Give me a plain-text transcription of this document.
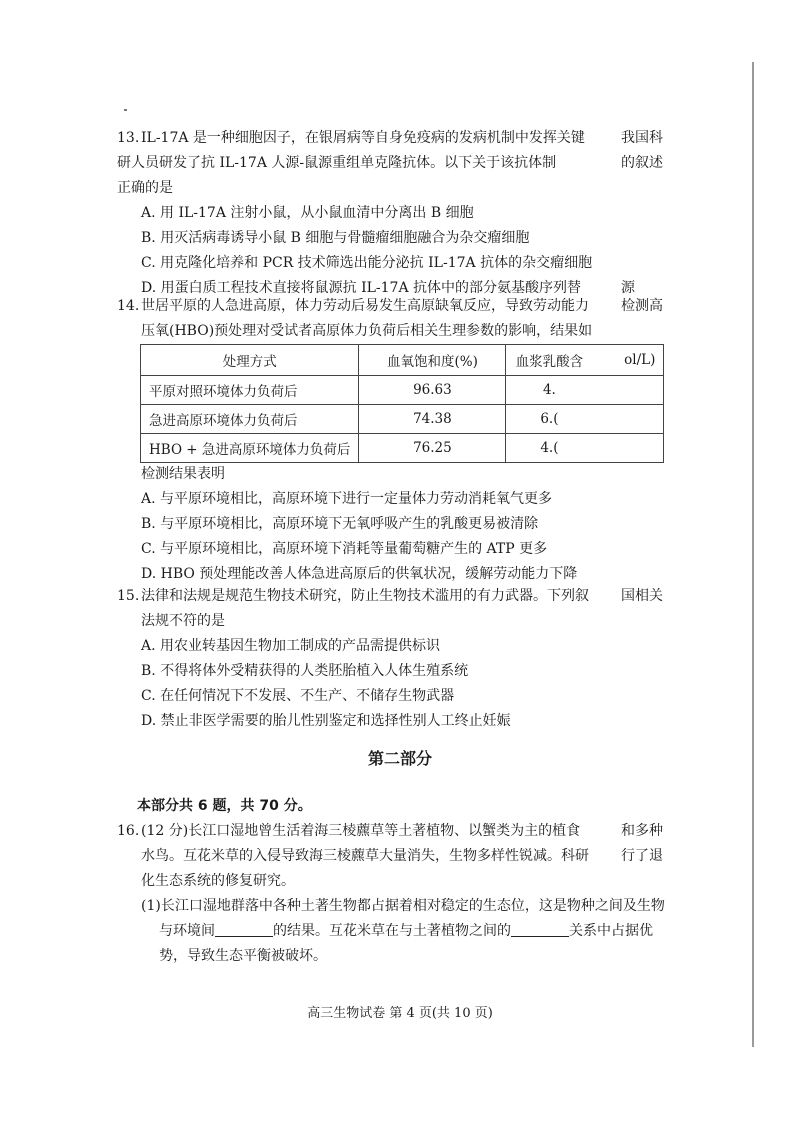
13. IL-17A 是一种细胞因子，在银屑病等自身免疫病的发病机制中发挥关键
研人员研发了抗 IL-17A 人源-鼠源重组单克隆抗体。以下关于该抗体制
正确的是
A. 用 IL-17A 注射小鼠，从小鼠血清中分离出 B 细胞
B. 用灭活病毒诱导小鼠 B 细胞与骨髓瘤细胞融合为杂交瘤细胞
C. 用克隆化培养和 PCR 技术筛选出能分泌抗 IL-17A 抗体的杂交瘤细胞
D. 用蛋白质工程技术直接将鼠源抗 IL-17A 抗体中的部分氨基酸序列替
我国科
的叙述
源
14. 世居平原的人急进高原，体力劳动后易发生高原缺氧反应，导致劳动能力
压氧(HBO)预处理对受试者高原体力负荷后相关生理参数的影响，结果如
检测高
处理方式	血氧饱和度(%)	血浆乳酸含	ol/L)
平原对照环境体力负荷后	96.63	4.	
急进高原环境体力负荷后	74.38	6.(	
HBO + 急进高原环境体力负荷后	76.25	4.(	
检测结果表明
A. 与平原环境相比，高原环境下进行一定量体力劳动消耗氧气更多
B. 与平原环境相比，高原环境下无氧呼吸产生的乳酸更易被清除
C. 与平原环境相比，高原环境下消耗等量葡萄糖产生的 ATP 更多
D. HBO 预处理能改善人体急进高原后的供氧状况，缓解劳动能力下降
15. 法律和法规是规范生物技术研究，防止生物技术滥用的有力武器。下列叙
法规不符的是
A. 用农业转基因生物加工制成的产品需提供标识
B. 不得将体外受精获得的人类胚胎植入人体生殖系统
C. 在任何情况下不发展、不生产、不储存生物武器
D. 禁止非医学需要的胎儿性别鉴定和选择性别人工终止妊娠
国相关
第二部分
本部分共 6 题，共 70 分。
16. (12 分)长江口湿地曾生活着海三棱藨草等土著植物、以蟹类为主的植食
水鸟。互花米草的入侵导致海三棱藨草大量消失，生物多样性锐减。科研
化生态系统的修复研究。
(1)长江口湿地群落中各种土著生物都占据着相对稳定的生态位，这是物种之间及生物
与环境间	的结果。互花米草在与土著植物之间的	关系中占据优
势，导致生态平衡被破坏。
和多种
行了退
高三生物试卷 第 4 页(共 10 页)
